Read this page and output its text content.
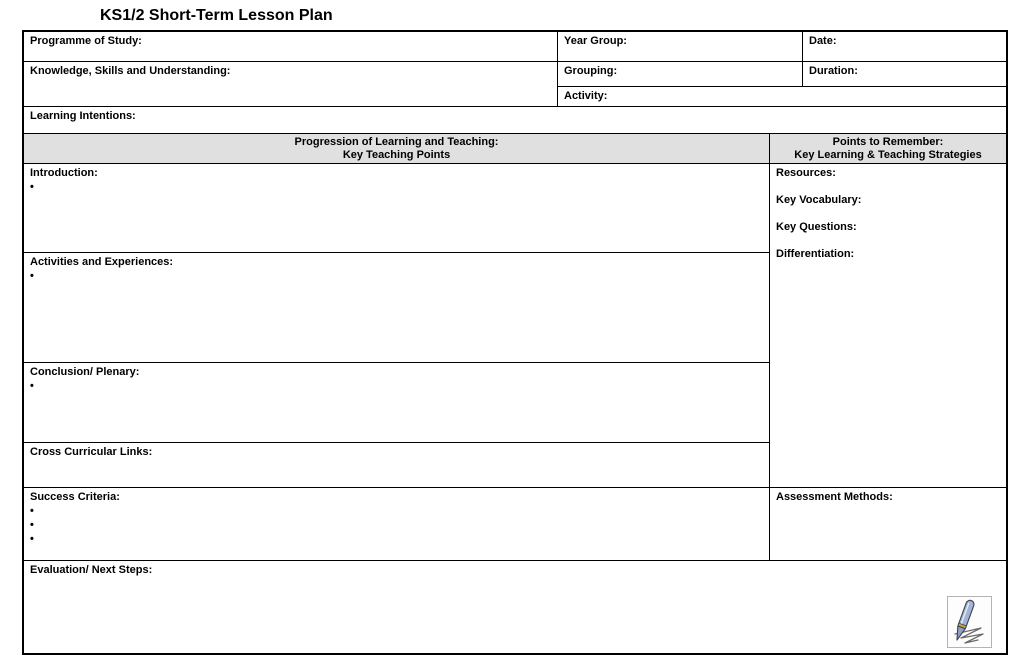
KS1/2 Short-Term Lesson Plan
Programme of Study:
Knowledge, Skills and Understanding:
Year Group:	Date:
Grouping:	Duration:
Activity:
Learning Intentions:
Progression of Learning and Teaching:
Key Teaching Points
Points to Remember:
Key Learning & Teaching Strategies
Introduction:
•
Activities and Experiences:
•
Conclusion/ Plenary:
•
Cross Curricular Links:
Success Criteria:
•
•
•
Resources:
Key Vocabulary:
Key Questions:
Differentiation:
Assessment Methods:
Evaluation/ Next Steps:
